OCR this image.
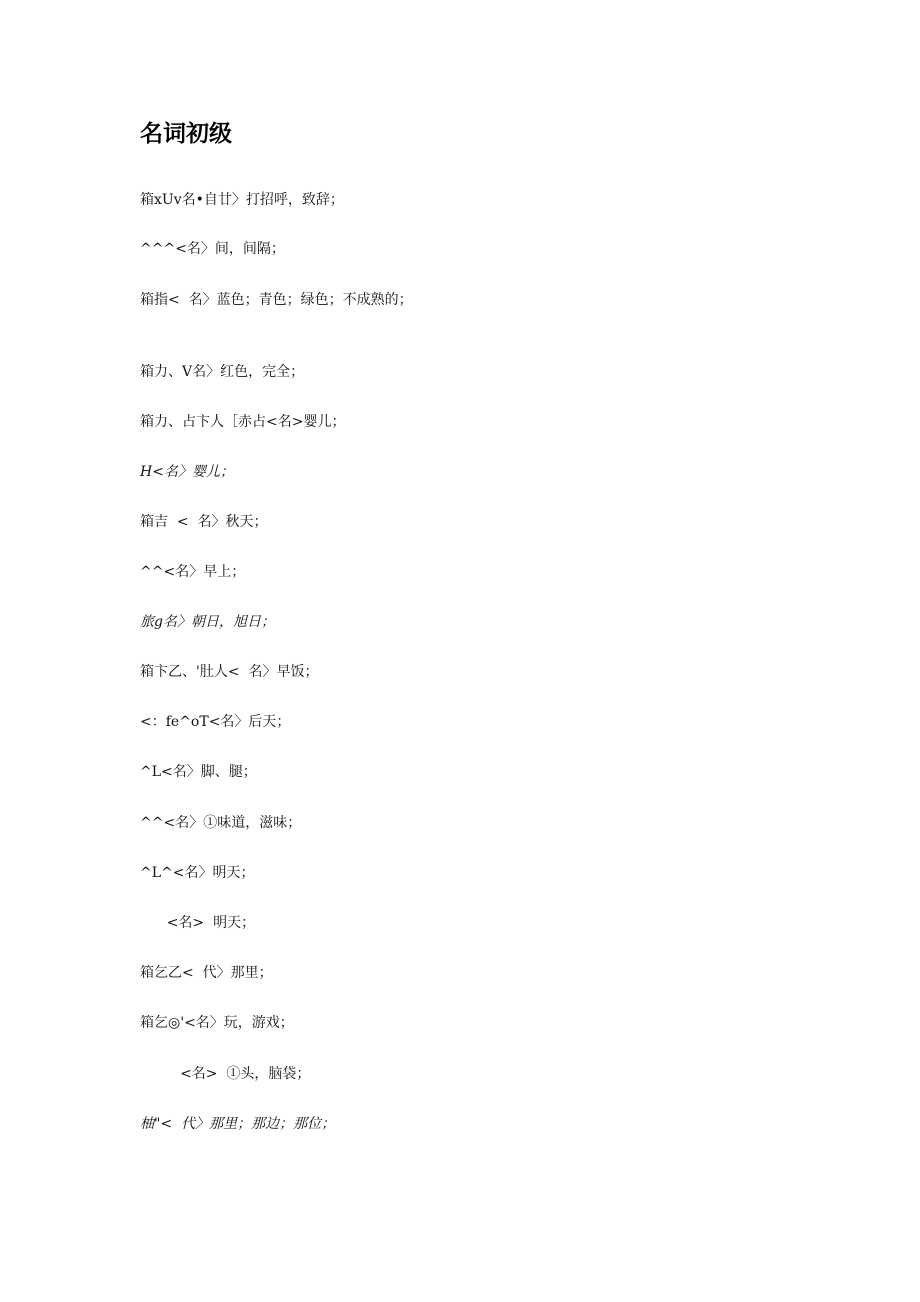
名词初级

箱xUv名•自廿〉打招呼，致辞；

^^^<名〉间，间隔；

箱指<  名〉蓝色；青色；绿色；不成熟的；

箱力、V名〉红色，完全；

箱力、占卞人［赤占<名>婴儿；

H<名〉婴儿；

箱吉  <  名〉秋天；

^^<名〉早上；

旅g名〉朝日，旭日；

箱卞乙、'肚人<  名〉早饭；

<：fe^oT<名〉后天；

^L<名〉脚、腿；

^^<名〉①味道，滋味；

^L^<名〉明天；

<名>  明天；

箱乞乙<  代〉那里；

箱乞◎'<名〉玩，游戏；

<名>  ①头，脑袋；

柚"<  代〉那里；那边；那位；
